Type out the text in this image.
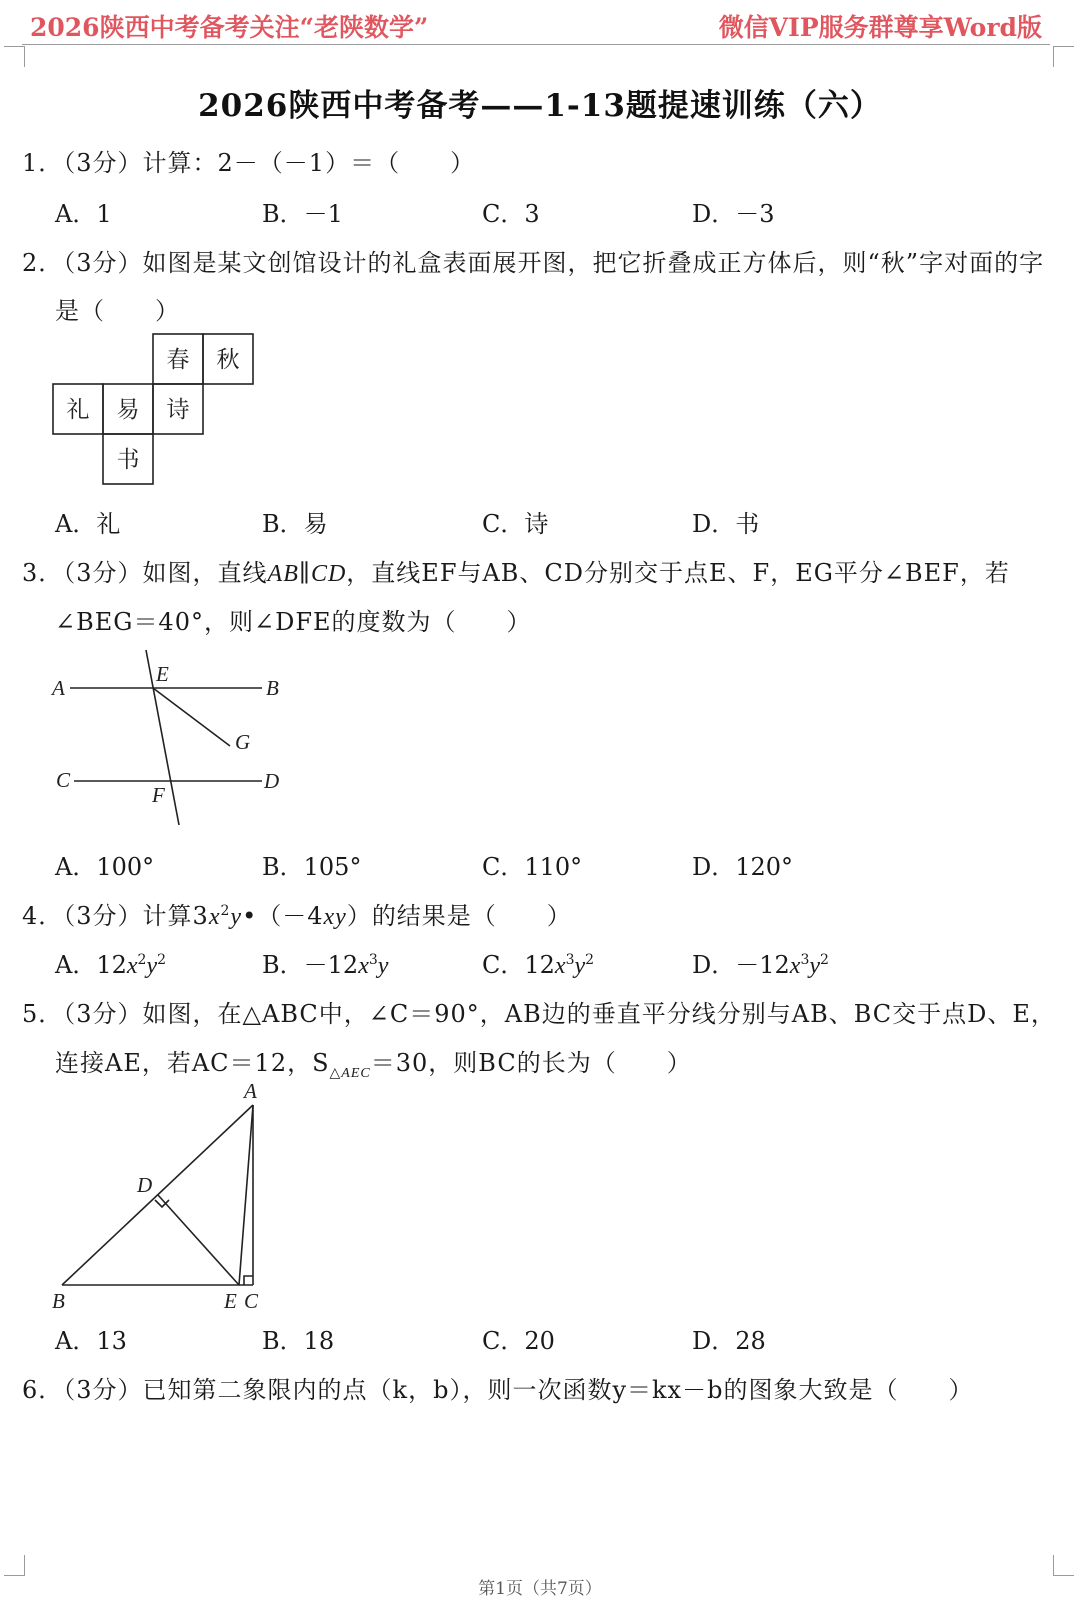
2026陕西中考备考关注“老陕数学”	微信VIP服务群尊享Word版
2026陕西中考备考——1-13题提速训练（六）
1．（3分）计算：2－（－1）＝（　　）
A．1	B．－1	C．3	D．－3
2．（3分）如图是某文创馆设计的礼盒表面展开图，把它折叠成正方体后，则“秋”字对面的字
是（　　）
春 秋
礼 易 诗
书
A．礼	B．易	C．诗	D．书
3．（3分）如图，直线AB∥CD，直线EF与AB、CD分别交于点E、F，EG平分∠BEF，若
∠BEG＝40°，则∠DFE的度数为（　　）
A
E
B
G
C
F
D
A．100°	B．105°	C．110°	D．120°
4．（3分）计算$3x^2y•(-4xy)$的结果是（　　）
A．$12x^2y^2$	B．$-12x^3y$	C．$12x^3y^2$	D．$-12x^3y^2$
5．（3分）如图，在△ABC中，∠C＝90°，AB边的垂直平分线分别与AB、BC交于点D、E，
连接AE，若AC＝12，$S_{\triangle AEC}=30$，则BC的长为（　　）
A
D
B	E C
A．13	B．18	C．20	D．28
6．（3分）已知第二象限内的点（k，b），则一次函数y＝kx－b的图象大致是（　　）
第1页（共7页）
